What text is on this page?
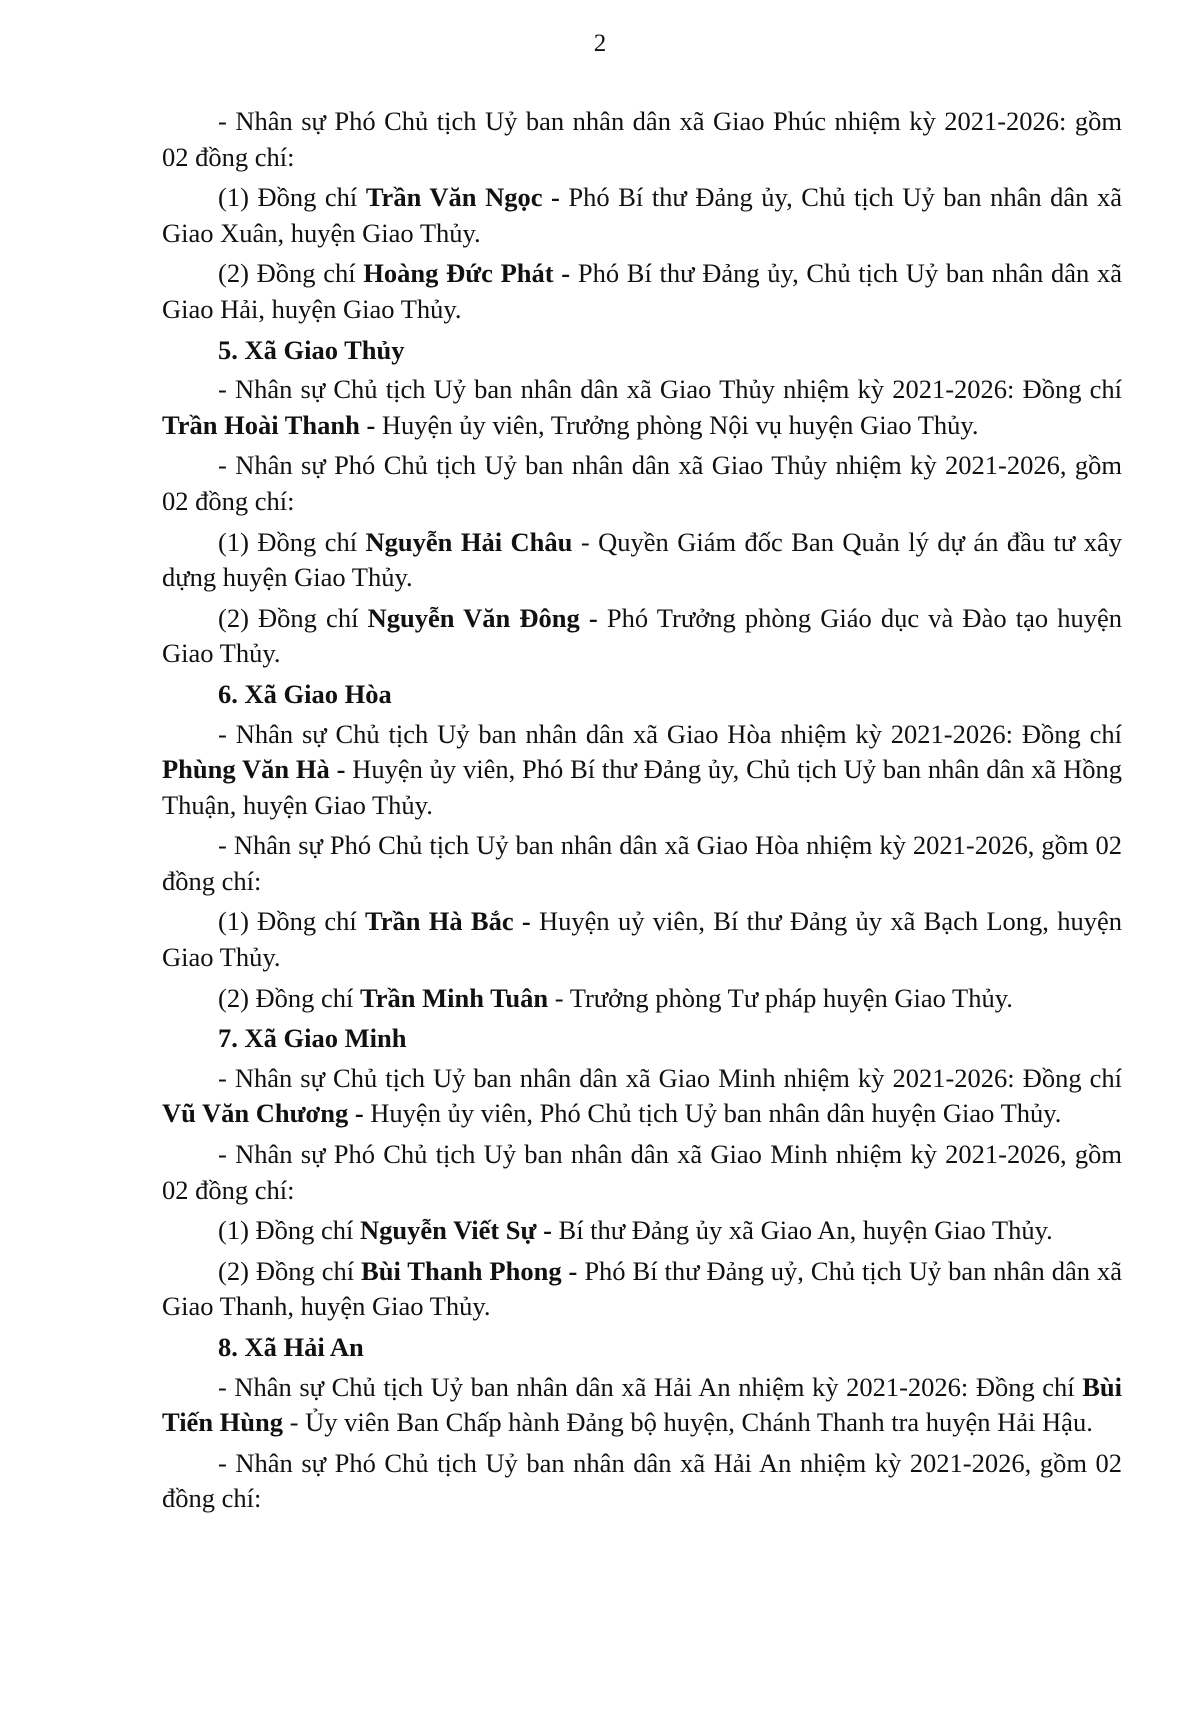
2

- Nhân sự Phó Chủ tịch Uỷ ban nhân dân xã Giao Phúc nhiệm kỳ 2021-2026: gồm 02 đồng chí:

(1) Đồng chí Trần Văn Ngọc - Phó Bí thư Đảng ủy, Chủ tịch Uỷ ban nhân dân xã Giao Xuân, huyện Giao Thủy.

(2) Đồng chí Hoàng Đức Phát - Phó Bí thư Đảng ủy, Chủ tịch Uỷ ban nhân dân xã Giao Hải, huyện Giao Thủy.

5. Xã Giao Thủy

- Nhân sự Chủ tịch Uỷ ban nhân dân xã Giao Thủy nhiệm kỳ 2021-2026: Đồng chí Trần Hoài Thanh - Huyện ủy viên, Trưởng phòng Nội vụ huyện Giao Thủy.

- Nhân sự Phó Chủ tịch Uỷ ban nhân dân xã Giao Thủy nhiệm kỳ 2021-2026, gồm 02 đồng chí:

(1) Đồng chí Nguyễn Hải Châu - Quyền Giám đốc Ban Quản lý dự án đầu tư xây dựng huyện Giao Thủy.

(2) Đồng chí Nguyễn Văn Đông - Phó Trưởng phòng Giáo dục và Đào tạo huyện Giao Thủy.

6. Xã Giao Hòa

- Nhân sự Chủ tịch Uỷ ban nhân dân xã Giao Hòa nhiệm kỳ 2021-2026: Đồng chí Phùng Văn Hà - Huyện ủy viên, Phó Bí thư Đảng ủy, Chủ tịch Uỷ ban nhân dân xã Hồng Thuận, huyện Giao Thủy.

- Nhân sự Phó Chủ tịch Uỷ ban nhân dân xã Giao Hòa nhiệm kỳ 2021-2026, gồm 02 đồng chí:

(1) Đồng chí Trần Hà Bắc - Huyện uỷ viên, Bí thư Đảng ủy xã Bạch Long, huyện Giao Thủy.

(2) Đồng chí Trần Minh Tuân - Trưởng phòng Tư pháp huyện Giao Thủy.

7. Xã Giao Minh

- Nhân sự Chủ tịch Uỷ ban nhân dân xã Giao Minh nhiệm kỳ 2021-2026: Đồng chí Vũ Văn Chương - Huyện ủy viên, Phó Chủ tịch Uỷ ban nhân dân huyện Giao Thủy.

- Nhân sự Phó Chủ tịch Uỷ ban nhân dân xã Giao Minh nhiệm kỳ 2021-2026, gồm 02 đồng chí:

(1) Đồng chí Nguyễn Viết Sự - Bí thư Đảng ủy xã Giao An, huyện Giao Thủy.

(2) Đồng chí Bùi Thanh Phong - Phó Bí thư Đảng uỷ, Chủ tịch Uỷ ban nhân dân xã Giao Thanh, huyện Giao Thủy.

8. Xã Hải An

- Nhân sự Chủ tịch Uỷ ban nhân dân xã Hải An nhiệm kỳ 2021-2026: Đồng chí Bùi Tiến Hùng - Ủy viên Ban Chấp hành Đảng bộ huyện, Chánh Thanh tra huyện Hải Hậu.

- Nhân sự Phó Chủ tịch Uỷ ban nhân dân xã Hải An nhiệm kỳ 2021-2026, gồm 02 đồng chí:
